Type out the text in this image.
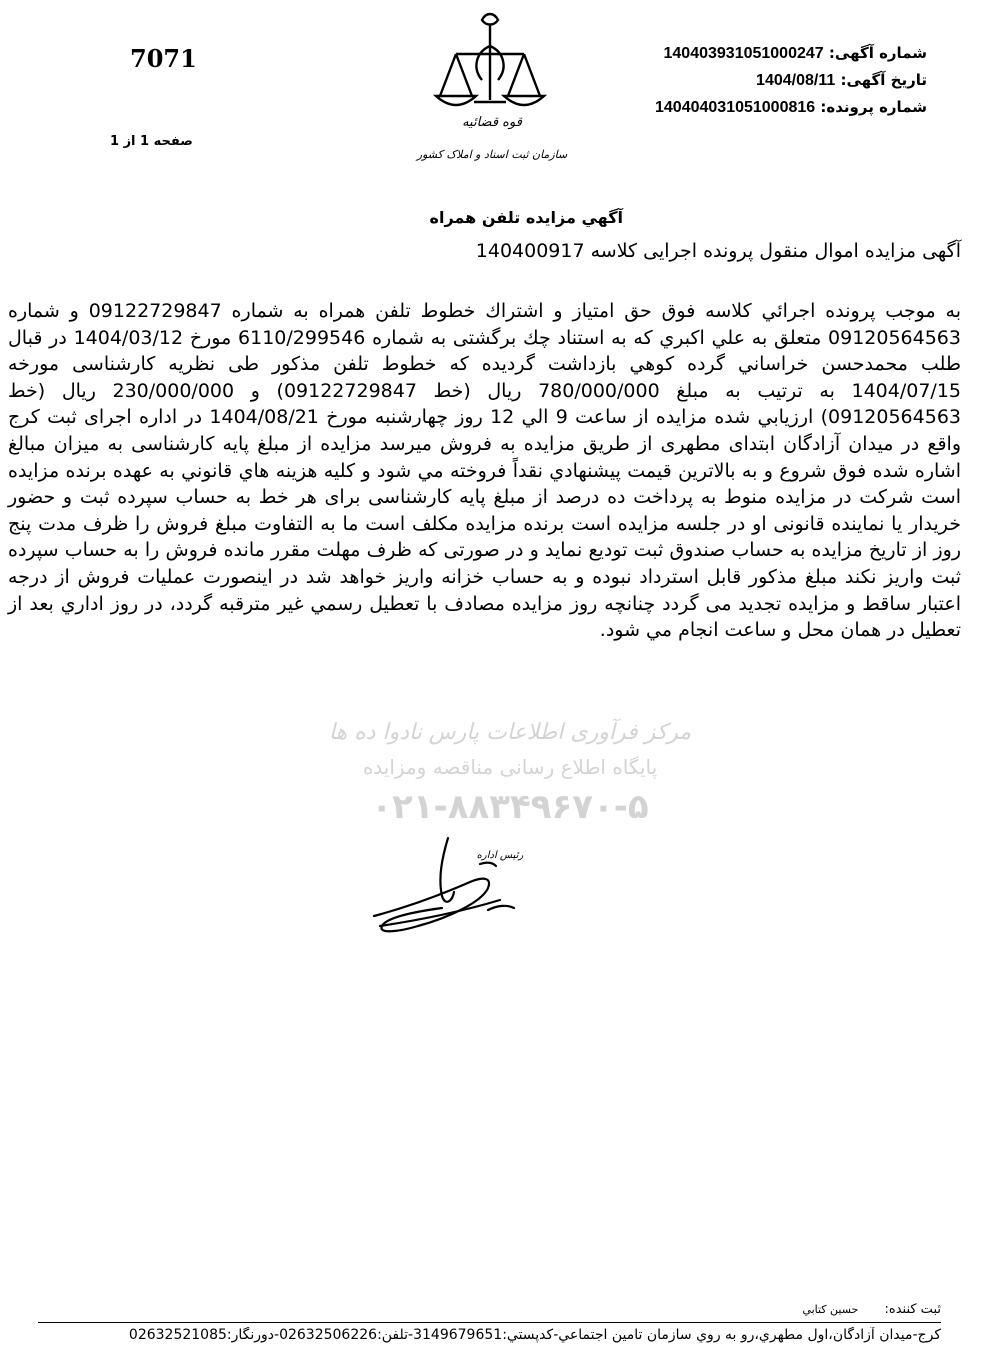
7071
صفحه 1 از 1
شماره آگهی: 140403931051000247
تاریخ آگهی: 1404/08/11
شماره پرونده: 140404031051000816
قوه قضائیه
سازمان ثبت اسناد و املاک کشور
آگهي مزايده تلفن همراه
آگهی مزایده اموال منقول پرونده اجرایی کلاسه 140400917
به موجب پرونده اجرائي كلاسه فوق حق امتياز و اشتراك خطوط تلفن همراه به شماره 09122729847 و شماره 09120564563 متعلق به علي اكبري كه به استناد چك برگشتی به شماره 6110/299546 مورخ 1404/03/12 در قبال طلب محمدحسن خراساني گرده كوهي بازداشت گرديده كه خطوط تلفن مذكور طی نظريه كارشناسی مورخه 1404/07/15 به ترتيب به مبلغ 780/000/000 ريال (خط 09122729847) و 230/000/000 ريال (خط 09120564563) ارزيابي شده مزايده از ساعت 9 الي 12 روز چهارشنبه مورخ 1404/08/21 در اداره اجرای ثبت كرج واقع در ميدان آزادگان ابتدای مطهری از طريق مزايده به فروش ميرسد مزايده از مبلغ پايه كارشناسی به ميزان مبالغ اشاره شده فوق شروع و به بالاترين قيمت پيشنهادي نقداً فروخته مي شود و كليه هزينه هاي قانوني به عهده برنده مزايده است شركت در مزايده منوط به پرداخت ده درصد از مبلغ پايه كارشناسی برای هر خط به حساب سپرده ثبت و حضور خريدار يا نماينده قانونی او در جلسه مزايده است برنده مزايده مكلف است ما به التفاوت مبلغ فروش را ظرف مدت پنج روز از تاريخ مزايده به حساب صندوق ثبت توديع نمايد و در صورتی كه ظرف مهلت مقرر مانده فروش را به حساب سپرده ثبت واريز نكند مبلغ مذكور قابل استرداد نبوده و به حساب خزانه واريز خواهد شد در اينصورت عمليات فروش از درجه اعتبار ساقط و مزايده تجديد می گردد چنانچه روز مزايده مصادف با تعطيل رسمي غير مترقبه گردد، در روز اداري بعد از تعطيل در همان محل و ساعت انجام مي شود.
مرکز فرآوری اطلاعات پارس نادوا ده ها
پایگاه اطلاع رسانی مناقصه ومزایده
۰۲۱-۸۸۳۴۹۶۷۰-۵
رئیس اداره
ثبت کننده: حسين كتابي
كرج-ميدان آزادگان،اول مطهري،رو به روي سازمان تامين اجتماعي-كدپستي:3149679651-تلفن:02632506226-دورنگار:02632521085
